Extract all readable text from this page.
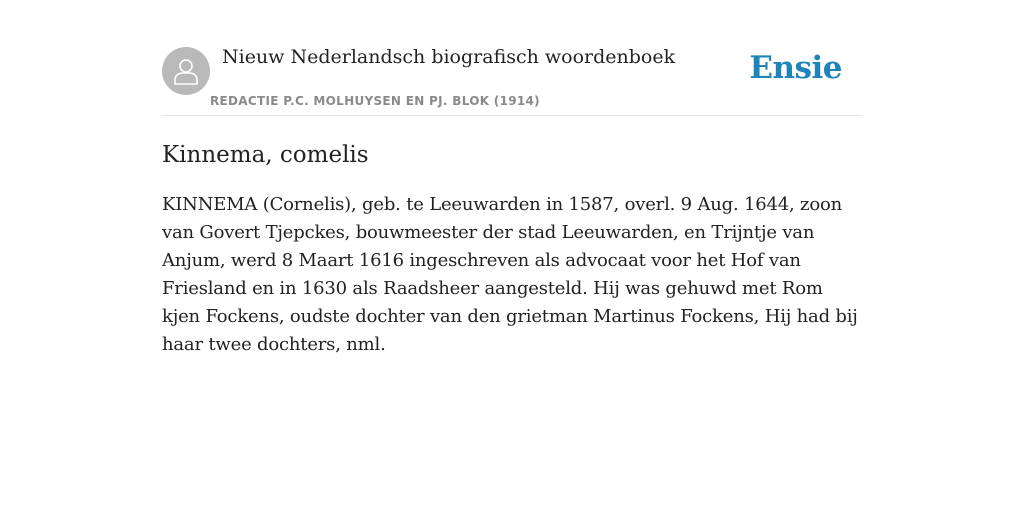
Nieuw Nederlandsch biografisch woordenboek
REDACTIE P.C. MOLHUYSEN EN PJ. BLOK (1914)
Ensie
Kinnema, comelis

KINNEMA (Cornelis), geb. te Leeuwarden in 1587, overl. 9 Aug. 1644, zoon van Govert Tjepckes, bouwmeester der stad Leeuwarden, en Trijntje van Anjum, werd 8 Maart 1616 ingeschreven als advocaat voor het Hof van Friesland en in 1630 als Raadsheer aangesteld. Hij was gehuwd met Rom kjen Fockens, oudste dochter van den grietman Martinus Fockens, Hij had bij haar twee dochters, nml.
